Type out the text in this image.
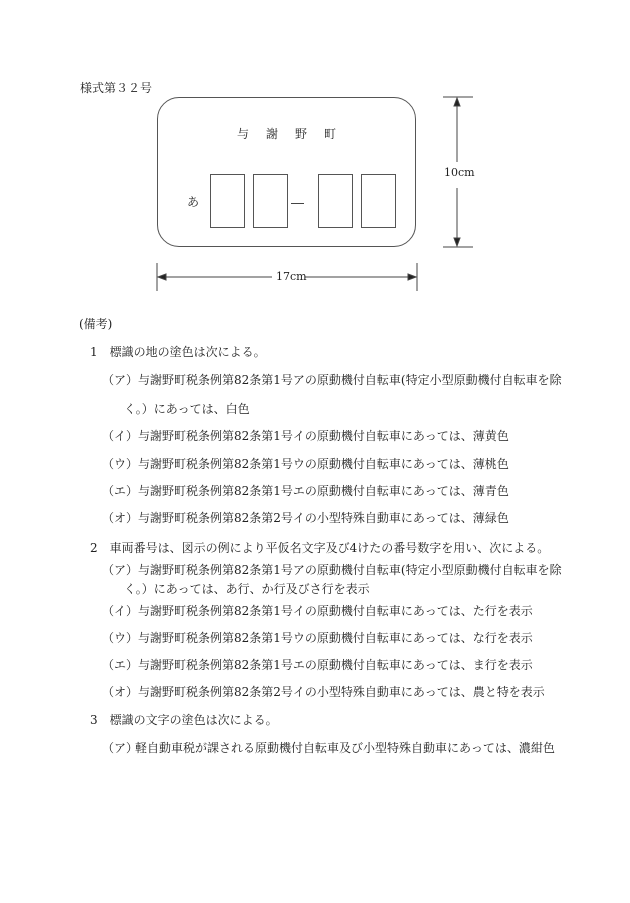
様式第３２号
与 謝 野 町
あ
10cm
17cm
(備考)
1　標識の地の塗色は次による。
（ア） 与謝野町税条例第82条第1号アの原動機付自転車(特定小型原動機付自転車を除
く。）にあっては、白色
（イ） 与謝野町税条例第82条第1号イの原動機付自転車にあっては、薄黄色
（ウ） 与謝野町税条例第82条第1号ウの原動機付自転車にあっては、薄桃色
（エ） 与謝野町税条例第82条第1号エの原動機付自転車にあっては、薄青色
（オ） 与謝野町税条例第82条第2号イの小型特殊自動車にあっては、薄緑色
2　車両番号は、図示の例により平仮名文字及び4けたの番号数字を用い、次による。
（ア） 与謝野町税条例第82条第1号アの原動機付自転車(特定小型原動機付自転車を除
く。）にあっては、あ行、か行及びさ行を表示
（イ） 与謝野町税条例第82条第1号イの原動機付自転車にあっては、た行を表示
（ウ） 与謝野町税条例第82条第1号ウの原動機付自転車にあっては、な行を表示
（エ） 与謝野町税条例第82条第1号エの原動機付自転車にあっては、ま行を表示
（オ） 与謝野町税条例第82条第2号イの小型特殊自動車にあっては、農と特を表示
3　標識の文字の塗色は次による。
（ア）
軽自動車税が課される原動機付自転車及び小型特殊自動車にあっては、濃紺色
